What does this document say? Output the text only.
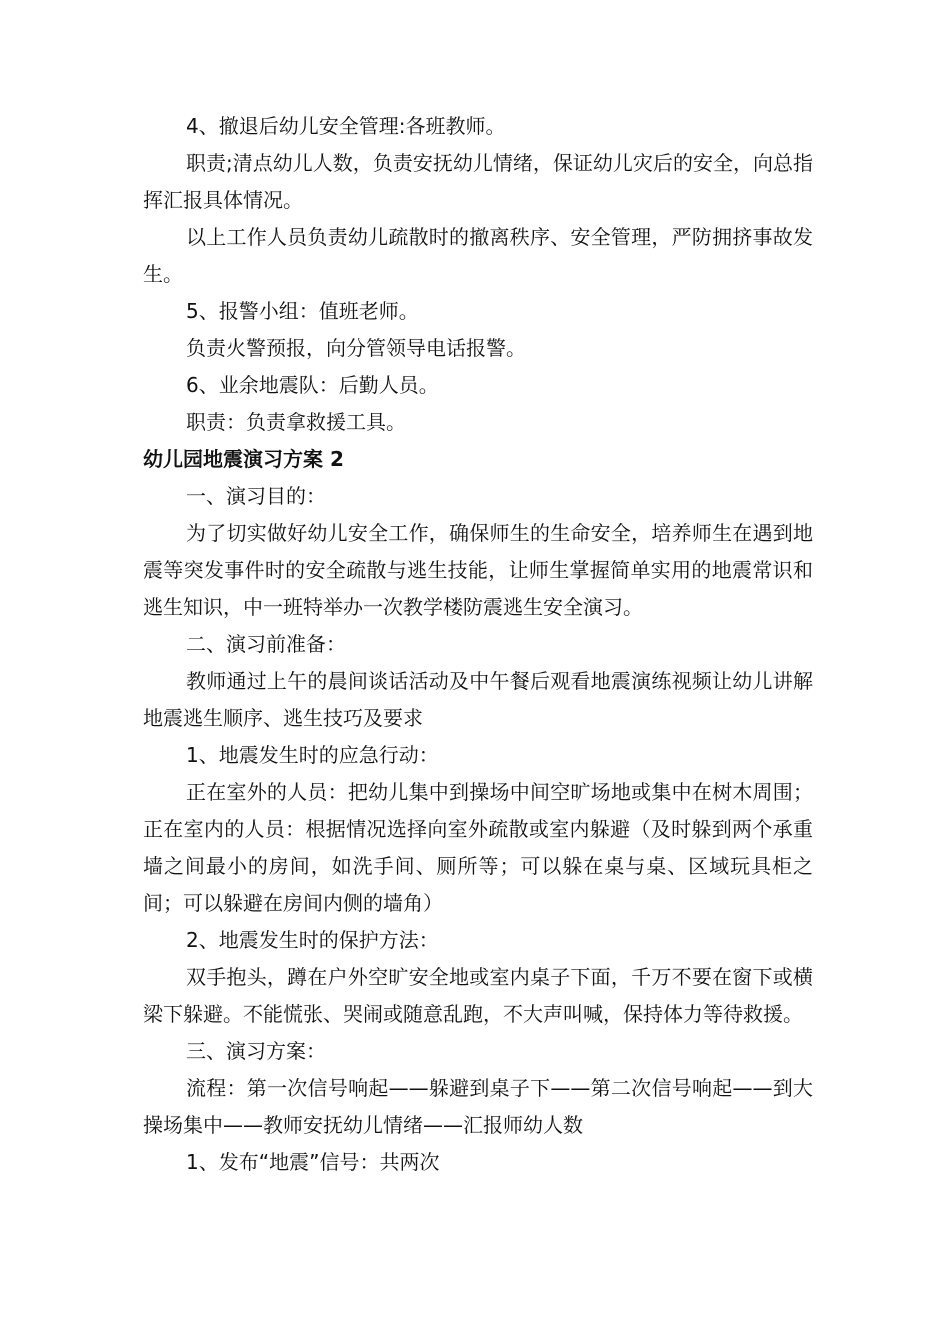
4、撤退后幼儿安全管理:各班教师。

职责;清点幼儿人数，负责安抚幼儿情绪，保证幼儿灾后的安全，向总指挥汇报具体情况。

以上工作人员负责幼儿疏散时的撤离秩序、安全管理，严防拥挤事故发生。

5、报警小组：值班老师。

负责火警预报，向分管领导电话报警。

6、业余地震队：后勤人员。

职责：负责拿救援工具。

幼儿园地震演习方案 2

一、演习目的：

为了切实做好幼儿安全工作，确保师生的生命安全，培养师生在遇到地震等突发事件时的安全疏散与逃生技能，让师生掌握简单实用的地震常识和逃生知识，中一班特举办一次教学楼防震逃生安全演习。

二、演习前准备：

教师通过上午的晨间谈话活动及中午餐后观看地震演练视频让幼儿讲解地震逃生顺序、逃生技巧及要求

1、地震发生时的应急行动：

正在室外的人员：把幼儿集中到操场中间空旷场地或集中在树木周围；正在室内的人员：根据情况选择向室外疏散或室内躲避（及时躲到两个承重墙之间最小的房间，如洗手间、厕所等；可以躲在桌与桌、区域玩具柜之间；可以躲避在房间内侧的墙角）

2、地震发生时的保护方法：

双手抱头，蹲在户外空旷安全地或室内桌子下面，千万不要在窗下或横梁下躲避。不能慌张、哭闹或随意乱跑，不大声叫喊，保持体力等待救援。

三、演习方案：

流程：第一次信号响起——躲避到桌子下——第二次信号响起——到大操场集中——教师安抚幼儿情绪——汇报师幼人数

1、发布“地震”信号：共两次
